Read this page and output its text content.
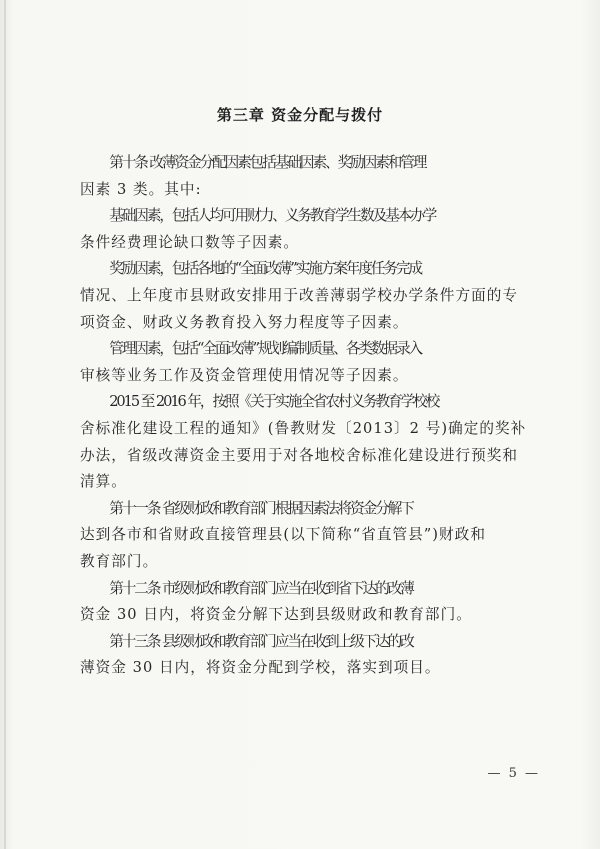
第三章 资金分配与拨付
第十条 改薄资金分配因素包括基础因素、奖励因素和管理
因素 3 类。其中:
基础因素，包括人均可用财力、义务教育学生数及基本办学
条件经费理论缺口数等子因素。
奖励因素，包括各地的“全面改薄”实施方案年度任务完成
情况、上年度市县财政安排用于改善薄弱学校办学条件方面的专
项资金、财政义务教育投入努力程度等子因素。
管理因素，包括“全面改薄”规划编制质量、各类数据录入
审核等业务工作及资金管理使用情况等子因素。
2015 至 2016 年，按照《关于实施全省农村义务教育学校校
舍标准化建设工程的通知》(鲁教财发〔2013〕2 号)确定的奖补
办法，省级改薄资金主要用于对各地校舍标准化建设进行预奖和
清算。
第十一条 省级财政和教育部门根据因素法将资金分解下
达到各市和省财政直接管理县(以下简称“省直管县”)财政和
教育部门。
第十二条 市级财政和教育部门应当在收到省下达的改薄
资金 30 日内，将资金分解下达到县级财政和教育部门。
第十三条 县级财政和教育部门应当在收到上级下达的改
薄资金 30 日内，将资金分配到学校，落实到项目。
— 5 —
